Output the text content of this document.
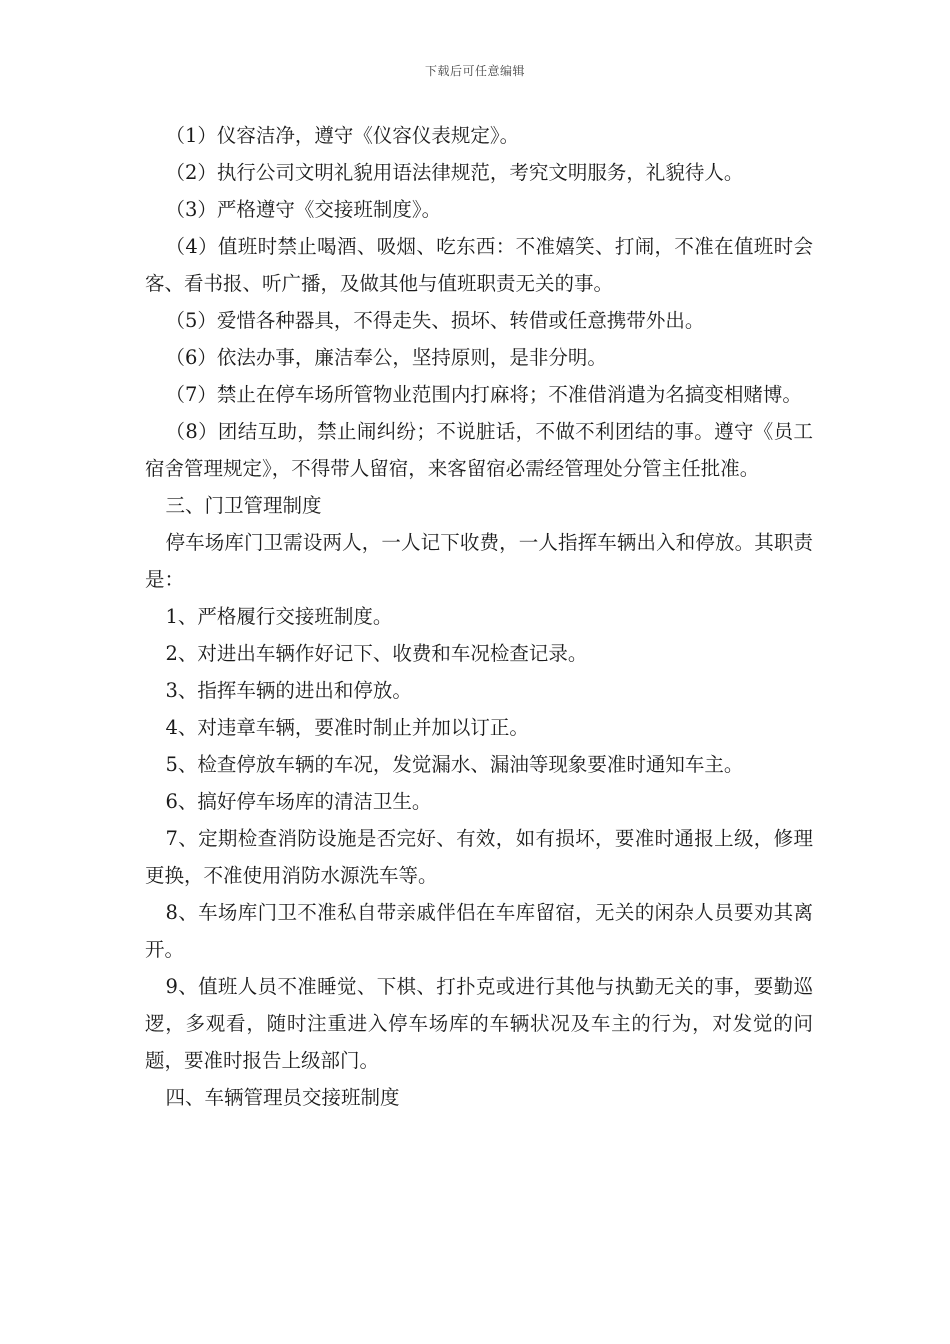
下载后可任意编辑

（1）仪容洁净，遵守《仪容仪表规定》。

（2）执行公司文明礼貌用语法律规范，考究文明服务，礼貌待人。

（3）严格遵守《交接班制度》。

（4）值班时禁止喝酒、吸烟、吃东西：不准嬉笑、打闹，不准在值班时会客、看书报、听广播，及做其他与值班职责无关的事。

（5）爱惜各种器具，不得走失、损坏、转借或任意携带外出。

（6）依法办事，廉洁奉公，坚持原则，是非分明。

（7）禁止在停车场所管物业范围内打麻将；不准借消遣为名搞变相赌博。

（8）团结互助，禁止闹纠纷；不说脏话，不做不利团结的事。遵守《员工宿舍管理规定》，不得带人留宿，来客留宿必需经管理处分管主任批准。

三、门卫管理制度

停车场库门卫需设两人，一人记下收费，一人指挥车辆出入和停放。其职责是：

1、严格履行交接班制度。

2、对进出车辆作好记下、收费和车况检查记录。

3、指挥车辆的进出和停放。

4、对违章车辆，要准时制止并加以订正。

5、检查停放车辆的车况，发觉漏水、漏油等现象要准时通知车主。

6、搞好停车场库的清洁卫生。

7、定期检查消防设施是否完好、有效，如有损坏，要准时通报上级，修理更换，不准使用消防水源洗车等。

8、车场库门卫不准私自带亲戚伴侣在车库留宿，无关的闲杂人员要劝其离开。

9、值班人员不准睡觉、下棋、打扑克或进行其他与执勤无关的事，要勤巡逻，多观看，随时注重进入停车场库的车辆状况及车主的行为，对发觉的问题，要准时报告上级部门。

四、车辆管理员交接班制度
